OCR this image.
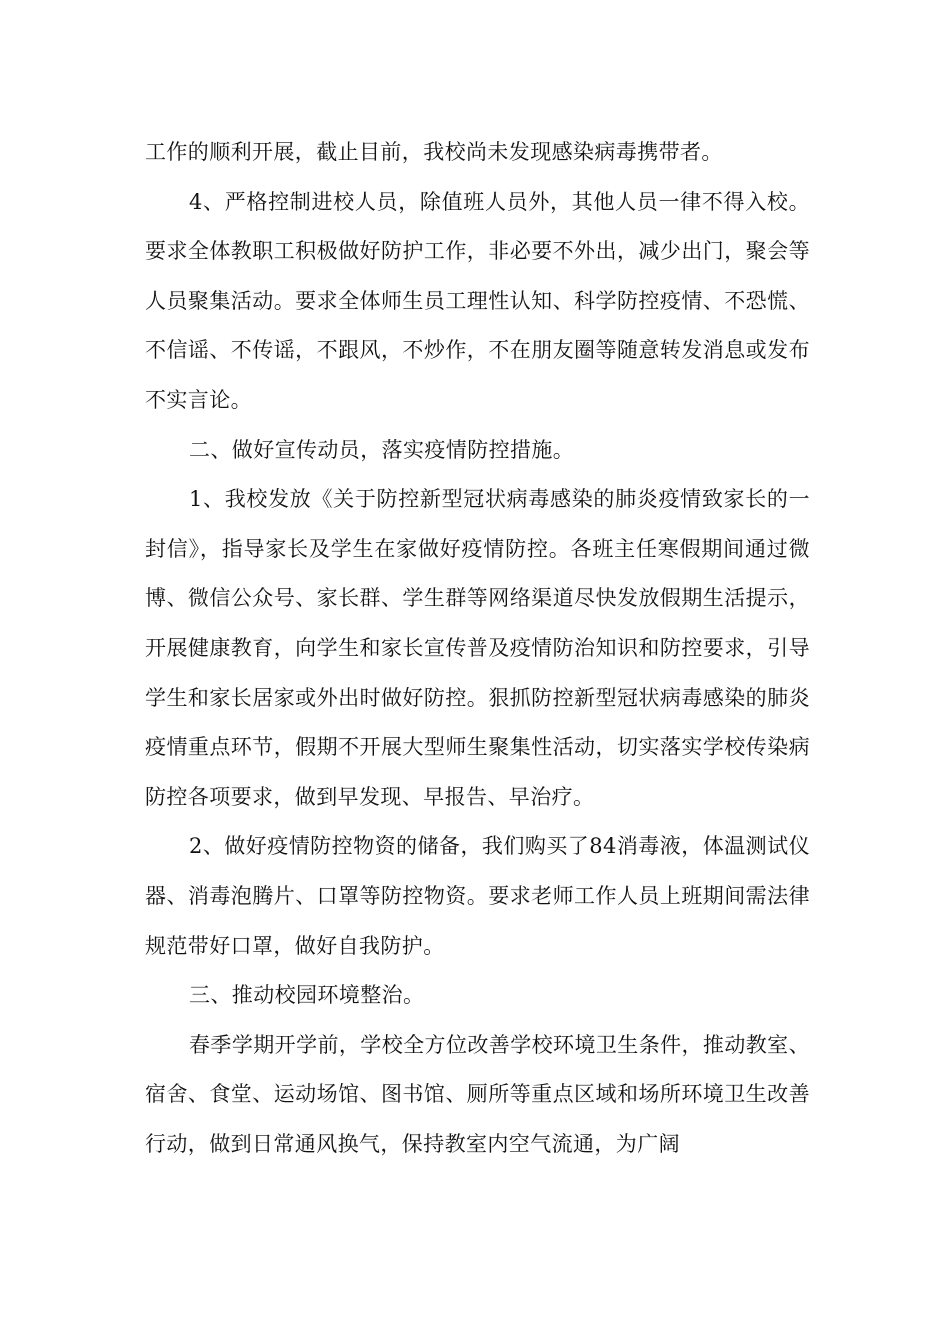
工作的顺利开展，截止目前，我校尚未发现感染病毒携带者。

4、严格控制进校人员，除值班人员外，其他人员一律不得入校。要求全体教职工积极做好防护工作，非必要不外出，减少出门，聚会等人员聚集活动。要求全体师生员工理性认知、科学防控疫情、不恐慌、不信谣、不传谣，不跟风，不炒作，不在朋友圈等随意转发消息或发布不实言论。

二、做好宣传动员，落实疫情防控措施。

1、我校发放《关于防控新型冠状病毒感染的肺炎疫情致家长的一封信》，指导家长及学生在家做好疫情防控。各班主任寒假期间通过微博、微信公众号、家长群、学生群等网络渠道尽快发放假期生活提示，开展健康教育，向学生和家长宣传普及疫情防治知识和防控要求，引导学生和家长居家或外出时做好防控。狠抓防控新型冠状病毒感染的肺炎疫情重点环节，假期不开展大型师生聚集性活动，切实落实学校传染病防控各项要求，做到早发现、早报告、早治疗。

2、做好疫情防控物资的储备，我们购买了84消毒液，体温测试仪器、消毒泡腾片、口罩等防控物资。要求老师工作人员上班期间需法律规范带好口罩，做好自我防护。

三、推动校园环境整治。

春季学期开学前，学校全方位改善学校环境卫生条件，推动教室、宿舍、食堂、运动场馆、图书馆、厕所等重点区域和场所环境卫生改善行动，做到日常通风换气，保持教室内空气流通，为广阔
